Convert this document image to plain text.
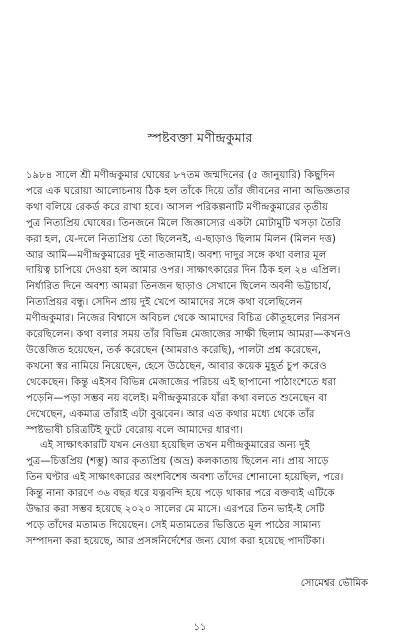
স্পষ্টবক্তা মণীন্দ্রকুমার
১৯৮৪ সালে শ্রী মণীন্দ্রকুমার ঘোষের ৮৭তম জন্মদিনের (৫ জানুয়ারি) কিছুদিন
পরে এক ঘরোয়া আলোচনায় ঠিক হল তাঁকে দিয়ে তাঁর জীবনের নানা অভিজ্ঞতার
কথা বলিয়ে রেকর্ড করে রাখা হবে। আসল পরিকল্পনাটি মণীন্দ্রকুমারের তৃতীয়
পুত্র নিত্যপ্রিয় ঘোষের। তিনজনে মিলে জিজ্ঞাস্যের একটা মোটামুটি খসড়া তৈরি
করা হল, যে-দলে নিত্যপ্রিয় তো ছিলেনই, এ-ছাড়াও ছিলাম মিলন (মিলন দত্ত)
আর আমি—মণীন্দ্রকুমারের দুই নাতজামাই। অবশ্য দাদুর সঙ্গে কথা বলার মূল
দায়িত্ব চাপিয়ে দেওয়া হল আমার ওপর। সাক্ষাৎকারের দিন ঠিক হল ২৪ এপ্রিল।
নির্ধারিত দিনে অবশ্য আমরা তিনজন ছাড়াও সেখানে ছিলেন অবনী ভট্টাচার্য,
নিত্যপ্রিয়র বন্ধু। সেদিন প্রায় দুই খেপে আমাদের সঙ্গে কথা বলেছিলেন
মণীন্দ্রকুমার। নিজের বিশ্বাসে অবিচল থেকে আমাদের বিচিত্র কৌতূহলের নিরসন
করেছিলেন। কথা বলার সময় তাঁর বিভিন্ন মেজাজের সাক্ষী ছিলাম আমরা—কখনও
উত্তেজিত হয়েছেন, তর্ক করেছেন (আমরাও করেছি), পালটা প্রশ্ন করেছেন,
কখনো স্বর নামিয়ে নিয়েছেন, হেসে উঠেছেন, আবার কয়েক মুহূর্ত চুপ করেও
থেকেছেন। কিন্তু এইসব বিভিন্ন মেজাজের পরিচয় এই ছাপানো পাঠাংশেতে ধরা
পড়েনি—পড়া সম্ভব নয় বলেই। মণীন্দ্রকুমারকে যাঁরা কথা বলতে শুনেছেন বা
দেখেছেন, একমাত্র তাঁরাই এটা বুঝবেন। আর এত কথার মধ্যে থেকে তাঁর
স্পষ্টভাষী চরিত্রটিই ফুটে বেরোয় বলে আমাদের ধারণা।
এই সাক্ষাৎকারটি যখন নেওয়া হয়েছিল তখন মণীন্দ্রকুমারের অন্য দুই
পুত্র—চিত্তপ্রিয় (শম্ভু) আর কৃত্যপ্রিয় (অভ্র) কলকাতায় ছিলেন না। প্রায় সাড়ে
তিন ঘণ্টার এই সাক্ষাৎকারের অংশবিশেষ অবশ্য তাঁদের শোনানো হয়েছিল, পরে।
কিন্তু নানা কারণে ৩৬ বছর ধরে যত্নবন্দি হয়ে পড়ে থাকার পরে বক্তব্যই এটিকে
উদ্ধার করা সম্ভব হয়েছে ২০২০ সালের মে মাসে। এরপরে তিন ভাই-ই সেটি
পড়ে তাঁদের মতামত দিয়েছেন। সেই মতামতের ভিত্তিতে মূল পাঠের সামান্য
সম্পাদনা করা হয়েছে, আর প্রসঙ্গনির্দেশের জন্য যোগ করা হয়েছে পাদটিকা।
সোমেশ্বর ভৌমিক
১১
